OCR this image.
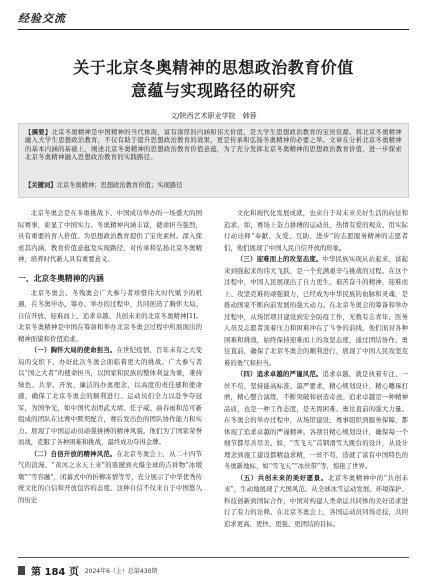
经验交流
关于北京冬奥精神的思想政治教育价值
意蕴与实现路径的研究
文/陕西艺术职业学院　韩蓉
【摘要】北京冬奥精神是中国精神的当代体现，富有深厚的内涵和伟大价值，是大学生思想政治教育的宝贵资源。将北京冬奥精神融入大学生思想政治教育，不仅有助于提升思想政治教育的效果，更是传承和弘扬冬奥精神的必要之举。文章在分析北京冬奥精神的基本内涵的基础上，阐述北京冬奥精神的思想政治教育价值意蕴，为了充分发挥北京冬奥精神的思想政治教育价值，进一步探索北京冬奥精神融入思想政治教育的实践路径。
【关键词】北京冬奥精神；思想政治教育价值；实现路径

北京冬奥会是在多重挑战下、中国成功举办的一场盛大的国际赛事，彰显了中国实力。冬奥精神内涵丰富，使命担当强烈，具有重要的育人价值。为思想政治教育提供了宝贵素材。深入探索其内涵、教育价值意蕴及实现路径，对传承和弘扬北京冬奥精神，培养时代新人具有重要意义。

一、北京冬奥精神的内涵

北京冬奥会、冬残奥会广大参与者珍惜伟大时代赋予的机遇，在冬奥申办、筹办、举办的过程中，共同创造了胸怀大局、自信开放、迎难而上、追求卓越、共创未来的北京冬奥精神[1]。北京冬奥精神是中国在筹备和举办北京冬奥会过程中所展现出的精神面貌和价值追求。

（一）胸怀大局的使命担当。在世纪疫情、百年未有之大变局的交织下，办好此次冬奥会面临着更大的挑战。广大参与者以“国之大者”的使命担当，以国家和民族的整体利益为重，秉持绿色、共享、开放、廉洁的办奥理念，以高度的责任感和使命感，确保了北京冬奥会的顺利进行。运动员们全力以赴争夺冠军，为国争光，如中国代表团武大靖、任子威、曲春雨和范可新组成的团队在比赛中默契配合，赛后发出色的团队协作能力和实力。展现了中国运动员顽强拼搏的精神风貌。他们为了国家荣誉而战，克服了各种困难和挑战，最终成功夺得金牌。

（二）自信开放的精神风范。在北京冬奥会上，从二十四节气的浪漫、“黄河之水天上来”的震撼到火爆全球的吉祥物“冰墩墩”“雪容融”，闭幕式中的折柳寄情等等，充分展示了中华优秀传统文化的自信和开放包容的态度。这种自信不仅来自于中国悠久的历史

文化和现代化发展成就，也来自于对未来美好生活的向往和追求。如，赛场上奋力拼搏的运动员、热情有爱的观众、用实际行动诠释“奉献、友爱、互助、进步”的志愿服务精神的志愿者们，他们展现了中国人民自信开放的形象。

（三）迎难而上的攻坚态度。中华民族实现从站起来、富起来到强起来的伟大飞跃，是一个充满艰辛与挑战的过程。在这个过程中，中国人民展现出了自力更生、艰苦奋斗的精神，迎难而上、攻坚克难的顽强毅力，已经成为中华民族的血脉和灵魂，是推动国家不断向前发展的强大动力。在北京冬奥会的筹备和举办过程中，从场馆项目建设到安全防疫工作，无数有志青年、医务人员及志愿者顶着压力和困难冲在了斗争的前线。他们面对各种困难和挑战，始终保持迎难而上的攻坚态度，通过团结协作、勇往直前，确保了北京冬奥会的顺利进行，展现了中国人民攻坚克难的勇气和担当。

（四）追求卓越的严谨风范。追求卓越，就是执着专注、一丝不苟，坚持能高标准、最严要求，精心规划设计，精心雕琢打磨，精心整合演练，不断突破和创造奇迹。追求卓越是一种精神品质，也是一种工作态度，是无畏困难、勇往直前的强大力量。在冬奥会的举办过程中，从场馆建设、赛事组织到服务保障，都体现了追求卓越的严谨精神。各项目精心规划设计，确保每一个细节都尽善尽美。如，“雪飞天”首钢滑雪大跳台的设计，从设计理念到施工建设都精益求精，一丝不苟，造就了富有中国特色的冬奥新地标，如“雪飞天”“冰丝带”等，惊艳了世界。

（五）共创未来的美好愿景。北京冬奥精神中的“共创未来”，生动地展现了大国风范。从全球冰雪运动发展、环境保护、科技创新到国际合作，中国对构建人类命运共同体的美好追求进行了有力的诠释。在北京冬奥会上，各国运动员同场竞技，共同追求更高、更快、更强、更团结的目标。

第 184 页 2024年6（上）总第430期
